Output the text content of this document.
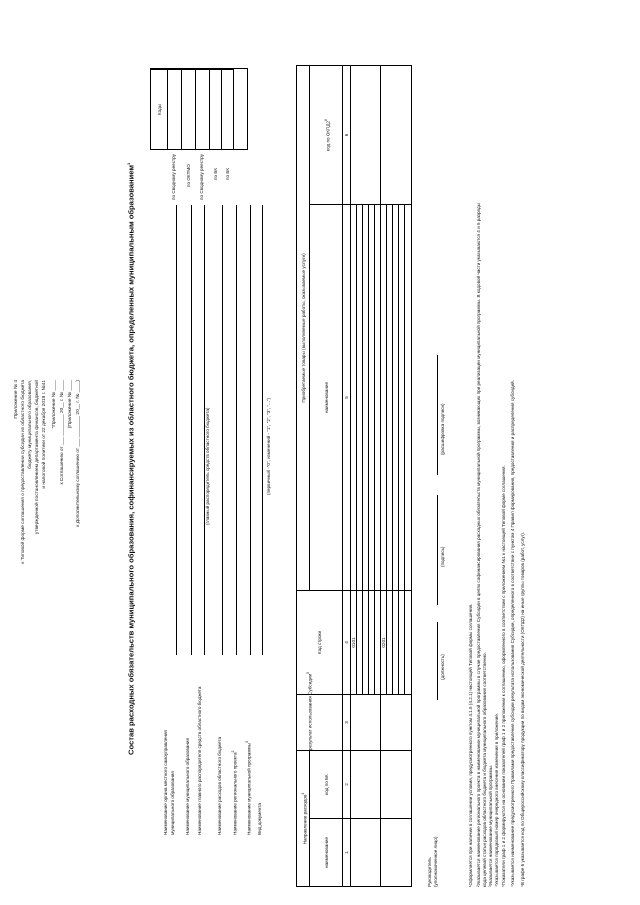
Приложение № 4 к Типовой форме соглашения о предоставлении субсидии из областного бюджета бюджету муниципального образования, утвержденной постановлением департамента финансов, бюджетной и налоговой политики от 22 декабря 2019 г. №41 "Приложение № ____ к Соглашению от ___ ________ 20__ г. № ____ (Приложение № ____ к Дополнительному соглашению от ___ ________ 20__ г. № ____)	Состав расходных обязательств муниципального образования, софинансируемых из областного бюджета, определенных муниципальным образованием$^1$
Коды
Наименование органа местного самоуправления муниципального образования
по Сводному реестру
Наименование муниципального образования
по ОКТМО
Наименование главного распорядителя средств областного бюджета
по Сводному реестру
(главный распорядитель средств областного бюджета)
Наименование расходов областного бюджета
по БК
Наименование регионального проекта$^2$
по БК
Наименование муниципальной программы$^3$
Вид документа
(первичный -"0", изменений - "1", "2", "3", "...")
Направление расходов$^4$
результат использования Субсидии$^5$
Код строки
Приобретаемые товары (выполняемые работы, оказываемые услуги)
наименование
код по БК
наименование
код по $ОКПД2^6$
1
2
3
4
5
6
0101	0201
Руководитель (уполномоченное лицо)
(должность)
(подпись)
(расшифровка подписи)
¹Оформляется при наличии в соглашении условия, предусмотренного пунктом 4.1.5 (4.2.1) настоящей Типовой формы соглашения. ²Указывается наименование регионального проекта в наименовании муниципальной программы в случае предоставления Субсидии в целях софинансирования расходных обязательств муниципальной программы, возникающих при реализации муниципальной программы. В кодовой части указываются 4 и 5 разряды кода целевой статьи расходов областного бюджета и бюджета муниципального образования соответственно. ³Указывается наименование муниципальной программы. ⁴Указывается порядковый номер очередного внесения изменения в приложение. ⁵Показатели граф 1 и 2 формируются на основании показателей граф 1 и 2 приложения к соглашению, оформленного в соответствии с приложением №1 к настоящей Типовой форме соглашения. ⁶Указывается наименование предусмотренного Правилами предоставления субсидии результата использования Субсидии, определенного в соответствии с пунктом 4 Правил формирования, предоставления и распределения субсидий. ⁶В графе 6 указывается код по Общероссийскому классификатору продукции по видам экономической деятельности (ОКПД2) на иные группы товаров (работ, услуг).
